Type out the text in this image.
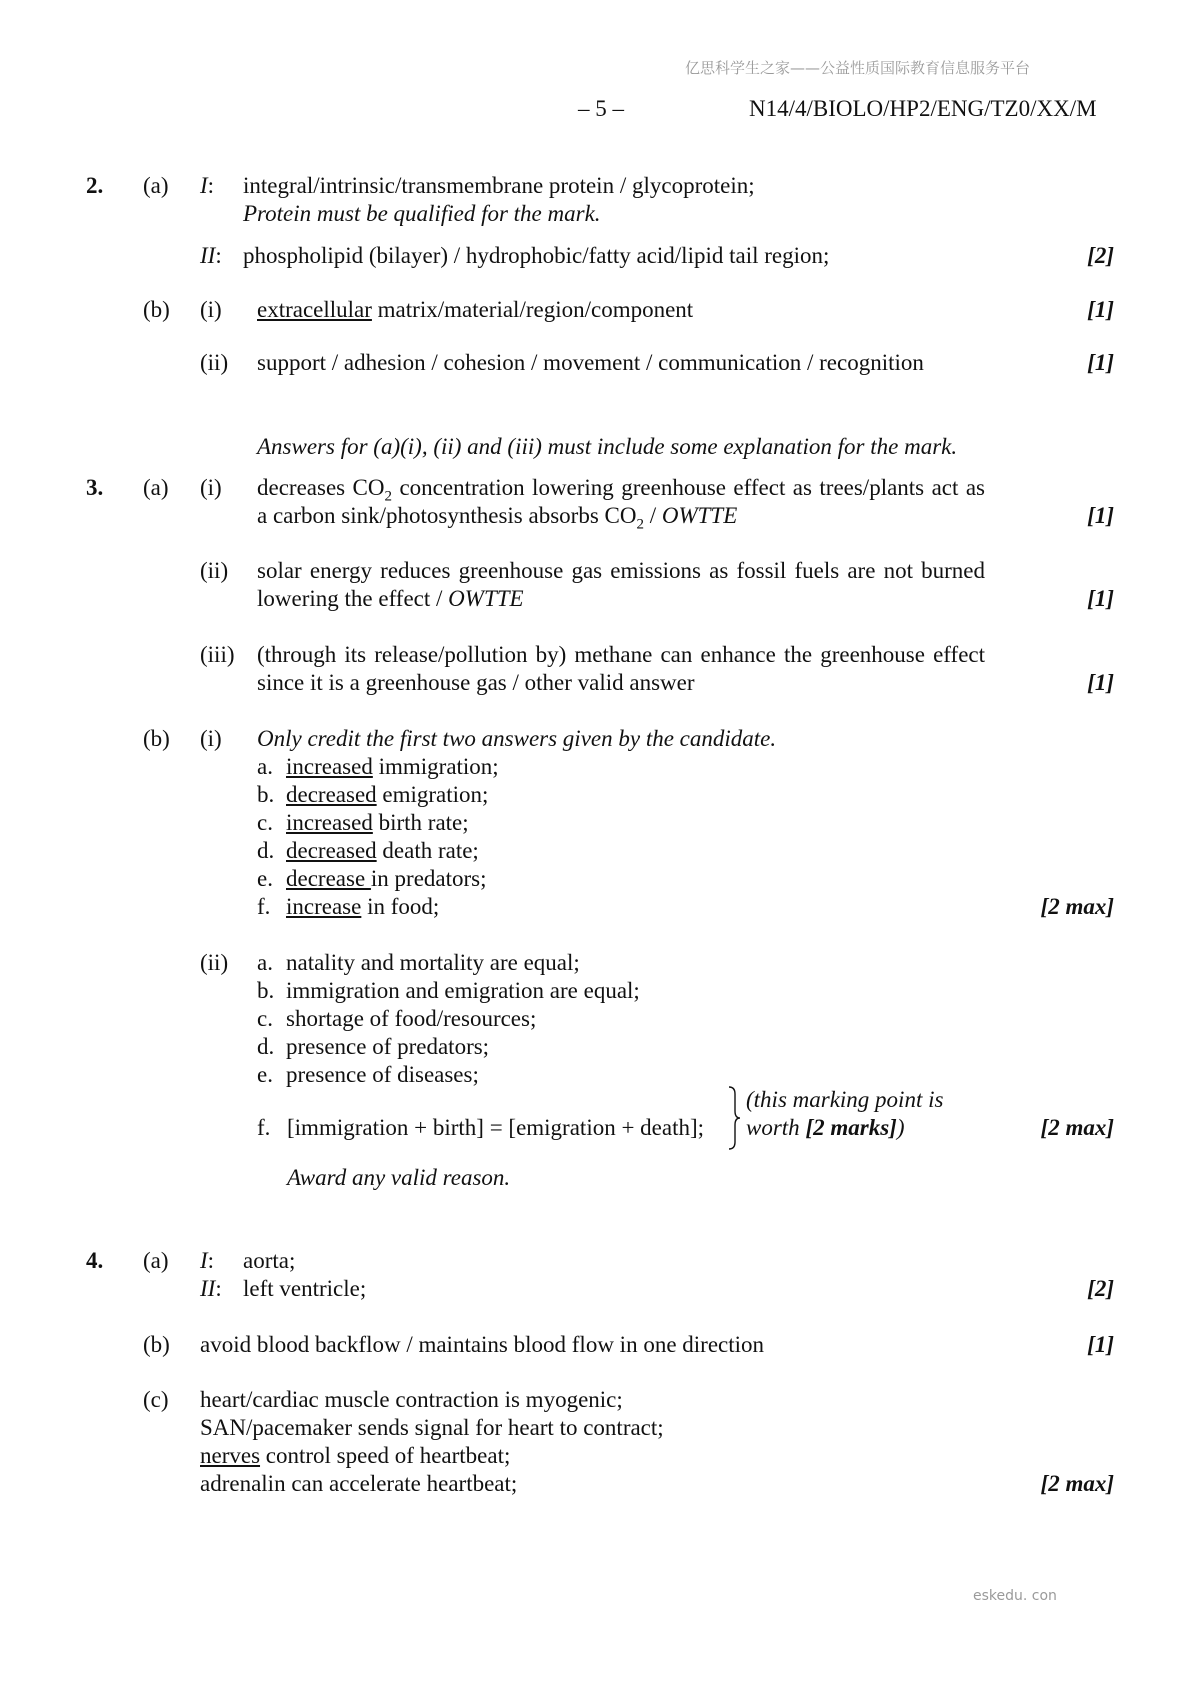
亿思科学生之家——公益性质国际教育信息服务平台
– 5 –	N14/4/BIOLO/HP2/ENG/TZ0/XX/M
2. (a) I: integral/intrinsic/transmembrane protein / glycoprotein;
Protein must be qualified for the mark.
II: phospholipid (bilayer) / hydrophobic/fatty acid/lipid tail region;	[2]
(b) (i) extracellular matrix/material/region/component	[1]
(ii) support / adhesion / cohesion / movement / communication / recognition	[1]
Answers for (a)(i), (ii) and (iii) must include some explanation for the mark.
3. (a) (i) decreases $CO_2$ concentration lowering greenhouse effect as trees/plants act as a carbon sink/photosynthesis absorbs $CO_2$ / OWTTE	[1]
(ii) solar energy reduces greenhouse gas emissions as fossil fuels are not burned lowering the effect / OWTTE	[1]
(iii) (through its release/pollution by) methane can enhance the greenhouse effect since it is a greenhouse gas / other valid answer	[1]
(b) (i) Only credit the first two answers given by the candidate.
a. increased immigration;
b. decreased emigration;
c. increased birth rate;
d. decreased death rate;
e. decrease in predators;
f. increase in food;	[2 max]
(ii) a. natality and mortality are equal;
b. immigration and emigration are equal;
c. shortage of food/resources;
d. presence of predators;
e. presence of diseases;
f. [immigration + birth] = [emigration + death];
(this marking point is
worth [2 marks])	[2 max]
Award any valid reason.
4. (a) I: aorta;
II: left ventricle;	[2]
(b) avoid blood backflow / maintains blood flow in one direction	[1]
(c) heart/cardiac muscle contraction is myogenic;
SAN/pacemaker sends signal for heart to contract;
nerves control speed of heartbeat;
adrenalin can accelerate heartbeat;	[2 max]
eskedu. con
